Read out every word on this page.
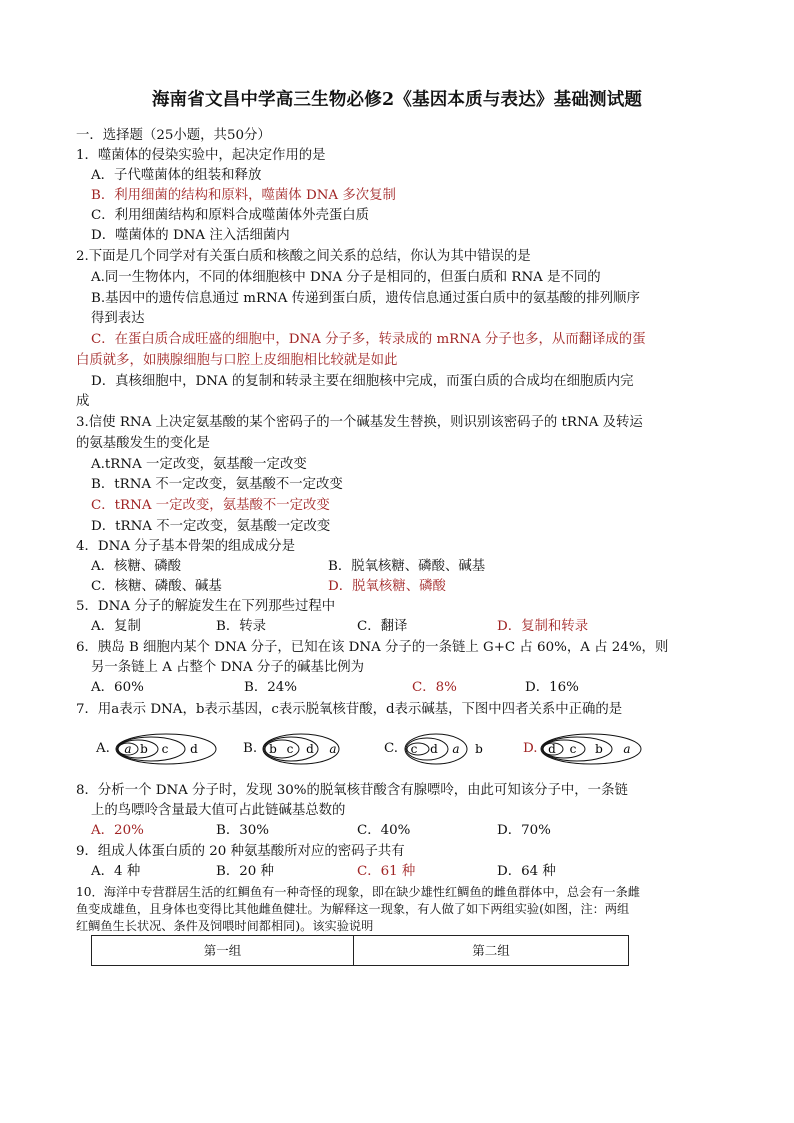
海南省文昌中学高三生物必修2《基因本质与表达》基础测试题
一．选择题（25小题，共50分）
1．噬菌体的侵染实验中，起决定作用的是
A．子代噬菌体的组装和释放
B．利用细菌的结构和原料，噬菌体 DNA 多次复制
C．利用细菌结构和原料合成噬菌体外壳蛋白质
D．噬菌体的 DNA 注入活细菌内
2.下面是几个同学对有关蛋白质和核酸之间关系的总结，你认为其中错误的是
A.同一生物体内，不同的体细胞核中 DNA 分子是相同的，但蛋白质和 RNA 是不同的
B.基因中的遗传信息通过 mRNA 传递到蛋白质，遗传信息通过蛋白质中的氨基酸的排列顺序
得到表达
C．在蛋白质合成旺盛的细胞中，DNA 分子多，转录成的 mRNA 分子也多，从而翻译成的蛋
白质就多，如胰腺细胞与口腔上皮细胞相比较就是如此
D．真核细胞中，DNA 的复制和转录主要在细胞核中完成，而蛋白质的合成均在细胞质内完
成
3.信使 RNA 上决定氨基酸的某个密码子的一个碱基发生替换，则识别该密码子的 tRNA 及转运
的氨基酸发生的变化是
A.tRNA 一定改变，氨基酸一定改变
B．tRNA 不一定改变，氨基酸不一定改变
C．tRNA 一定改变，氨基酸不一定改变
D．tRNA 不一定改变，氨基酸一定改变
4．DNA 分子基本骨架的组成成分是
A．核糖、磷酸	B．脱氧核糖、磷酸、碱基
C．核糖、磷酸、碱基	D．脱氧核糖、磷酸
5．DNA 分子的解旋发生在下列那些过程中
A．复制	B．转录	C．翻译	D．复制和转录
6．胰岛 B 细胞内某个 DNA 分子，已知在该 DNA 分子的一条链上 G+C 占 60%，A 占 24%，则
另一条链上 A 占整个 DNA 分子的碱基比例为
A．60%	B．24%	C．8%	D．16%
7．用a表示 DNA，b表示基因，c表示脱氧核苷酸，d表示碱基，下图中四者关系中正确的是
A. a b c d	B. b c d a	C. c d a b	D. d c b a
8．分析一个 DNA 分子时，发现 30%的脱氧核苷酸含有腺嘌呤，由此可知该分子中，一条链
上的鸟嘌呤含量最大值可占此链碱基总数的
A．20%	B．30%	C．40%	D．70%
9．组成人体蛋白质的 20 种氨基酸所对应的密码子共有
A．4 种	B．20 种	C．61 种	D．64 种
10．海洋中专营群居生活的红鲷鱼有一种奇怪的现象，即在缺少雄性红鲷鱼的雌鱼群体中，总会有一条雌
鱼变成雄鱼，且身体也变得比其他雌鱼健壮。为解释这一现象，有人做了如下两组实验(如图，注：两组
红鲷鱼生长状况、条件及饲喂时间都相同)。该实验说明
第一组	第二组
